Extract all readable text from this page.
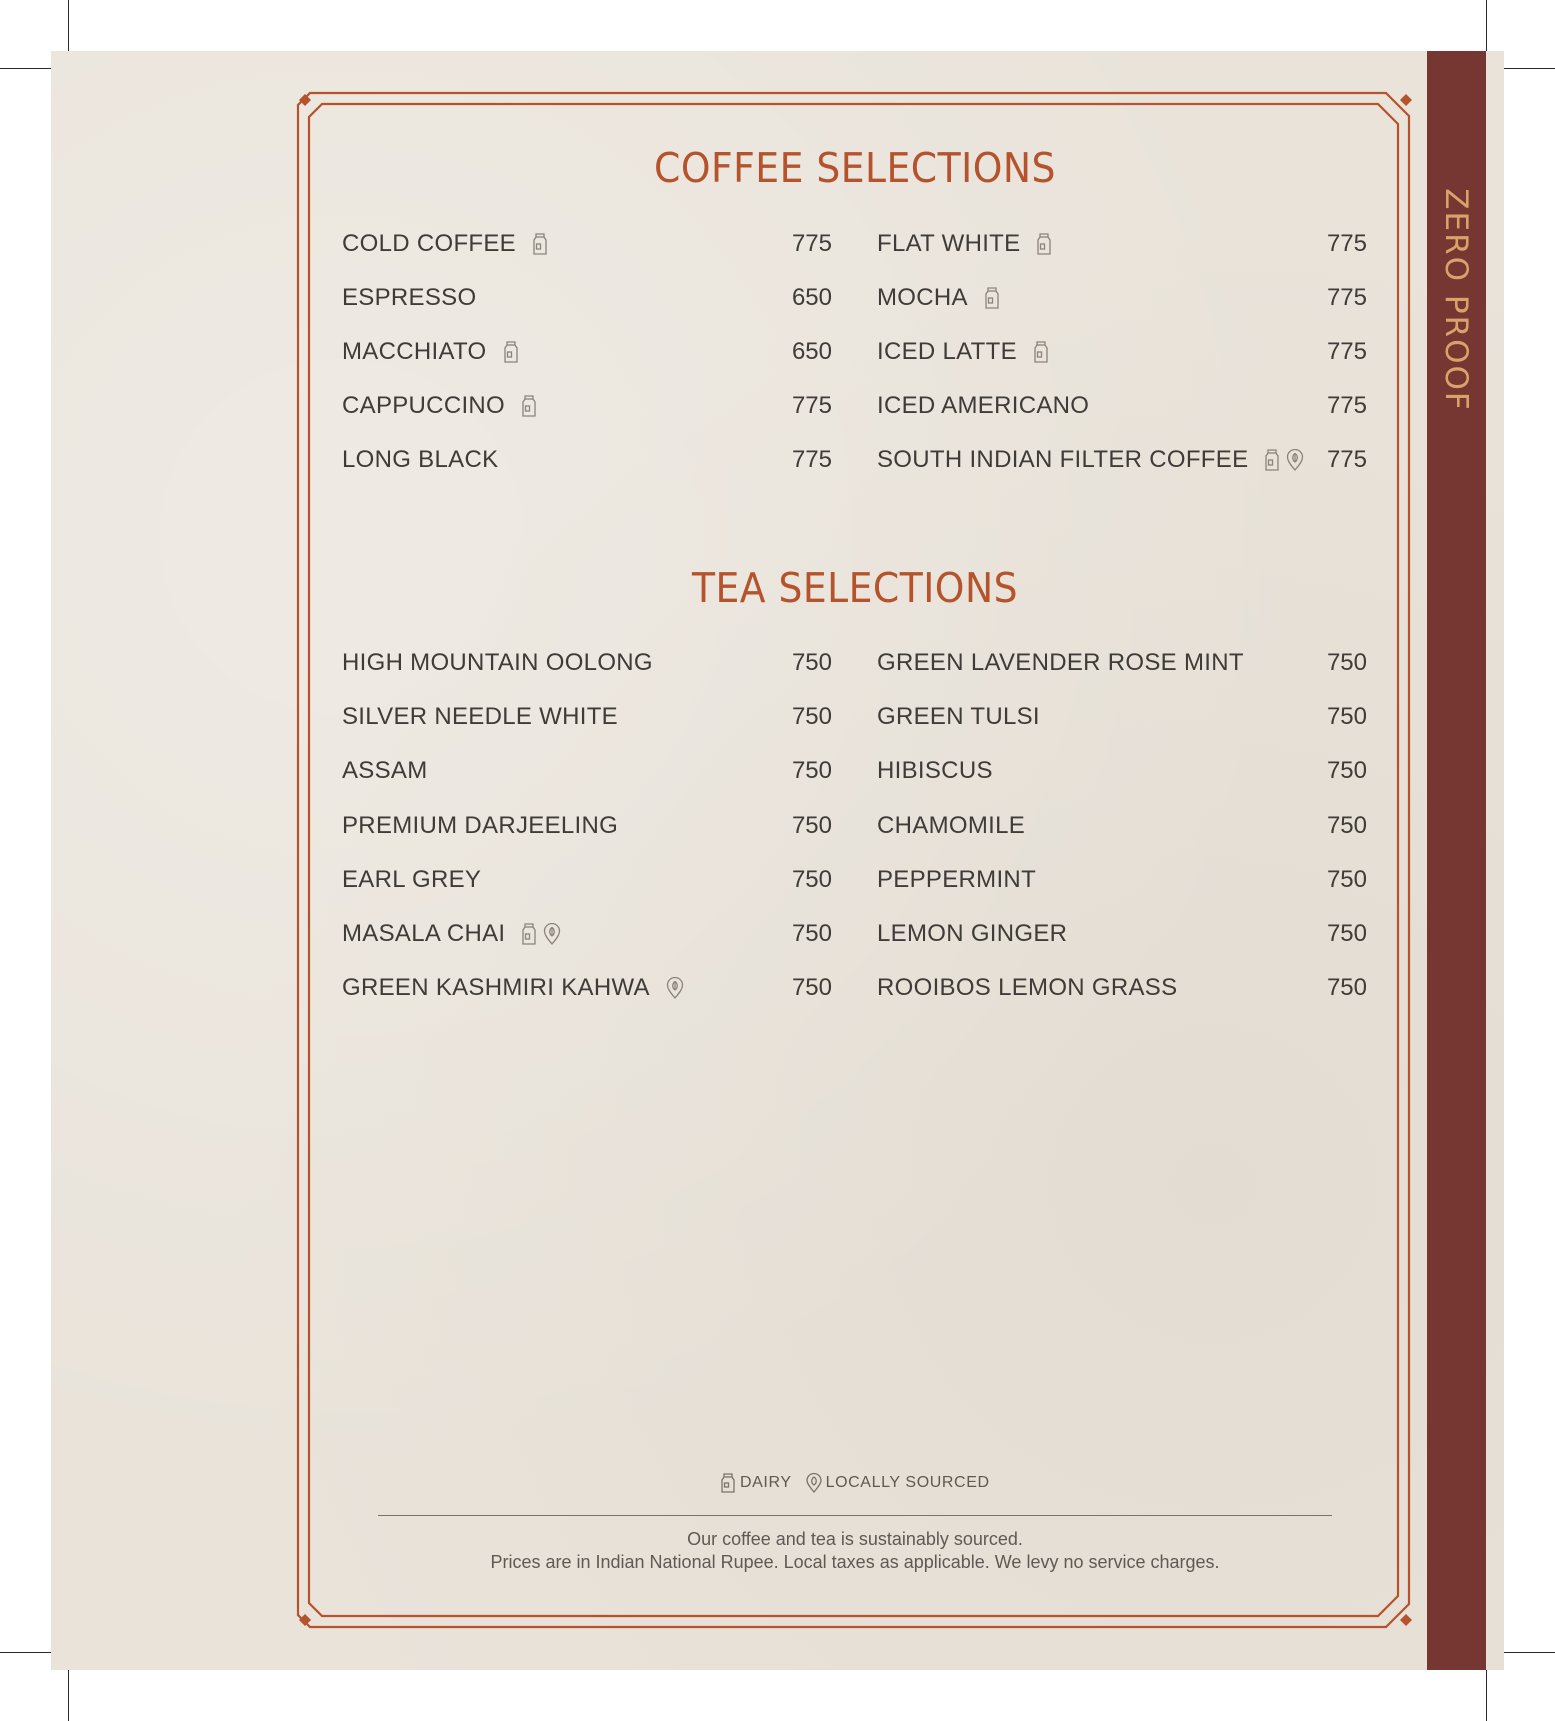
ZERO PROOF
COFFEE SELECTIONS
TEA SELECTIONS
COLD COFFEE	775
ESPRESSO	650
MACCHIATO	650
CAPPUCCINO	775
LONG BLACK	775
FLAT WHITE	775
MOCHA	775
ICED LATTE	775
ICED AMERICANO	775
SOUTH INDIAN FILTER COFFEE	775
HIGH MOUNTAIN OOLONG	750
SILVER NEEDLE WHITE	750
ASSAM	750
PREMIUM DARJEELING	750
EARL GREY	750
MASALA CHAI	750
GREEN KASHMIRI KAHWA	750
GREEN LAVENDER ROSE MINT	750
GREEN TULSI	750
HIBISCUS	750
CHAMOMILE	750
PEPPERMINT	750
LEMON GINGER	750
ROOIBOS LEMON GRASS	750
DAIRY LOCALLY SOURCED
Our coffee and tea is sustainably sourced.
Prices are in Indian National Rupee. Local taxes as applicable. We levy no service charges.
